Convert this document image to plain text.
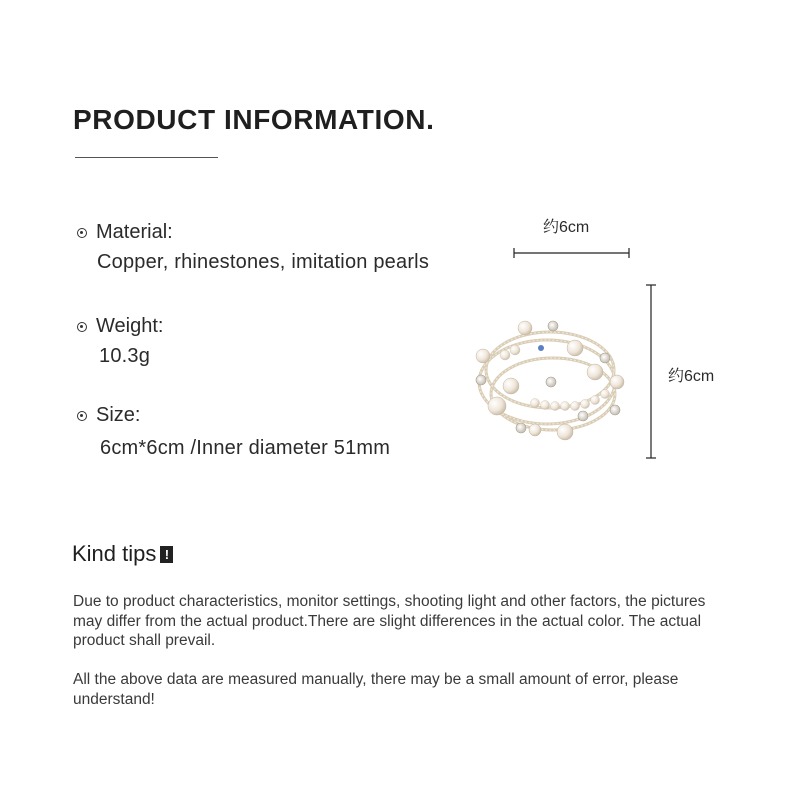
PRODUCT INFORMATION.
Material:
Copper, rhinestones, imitation pearls
Weight:
10.3g
Size:
6cm*6cm /Inner diameter 51mm
约6cm
约6cm
Kind tips !
Due to product characteristics, monitor settings, shooting light and other factors, the pictures may differ from the actual product.There are slight differences in the actual color. The actual product shall prevail.
All the above data are measured manually, there may be a small amount of error, please understand!
